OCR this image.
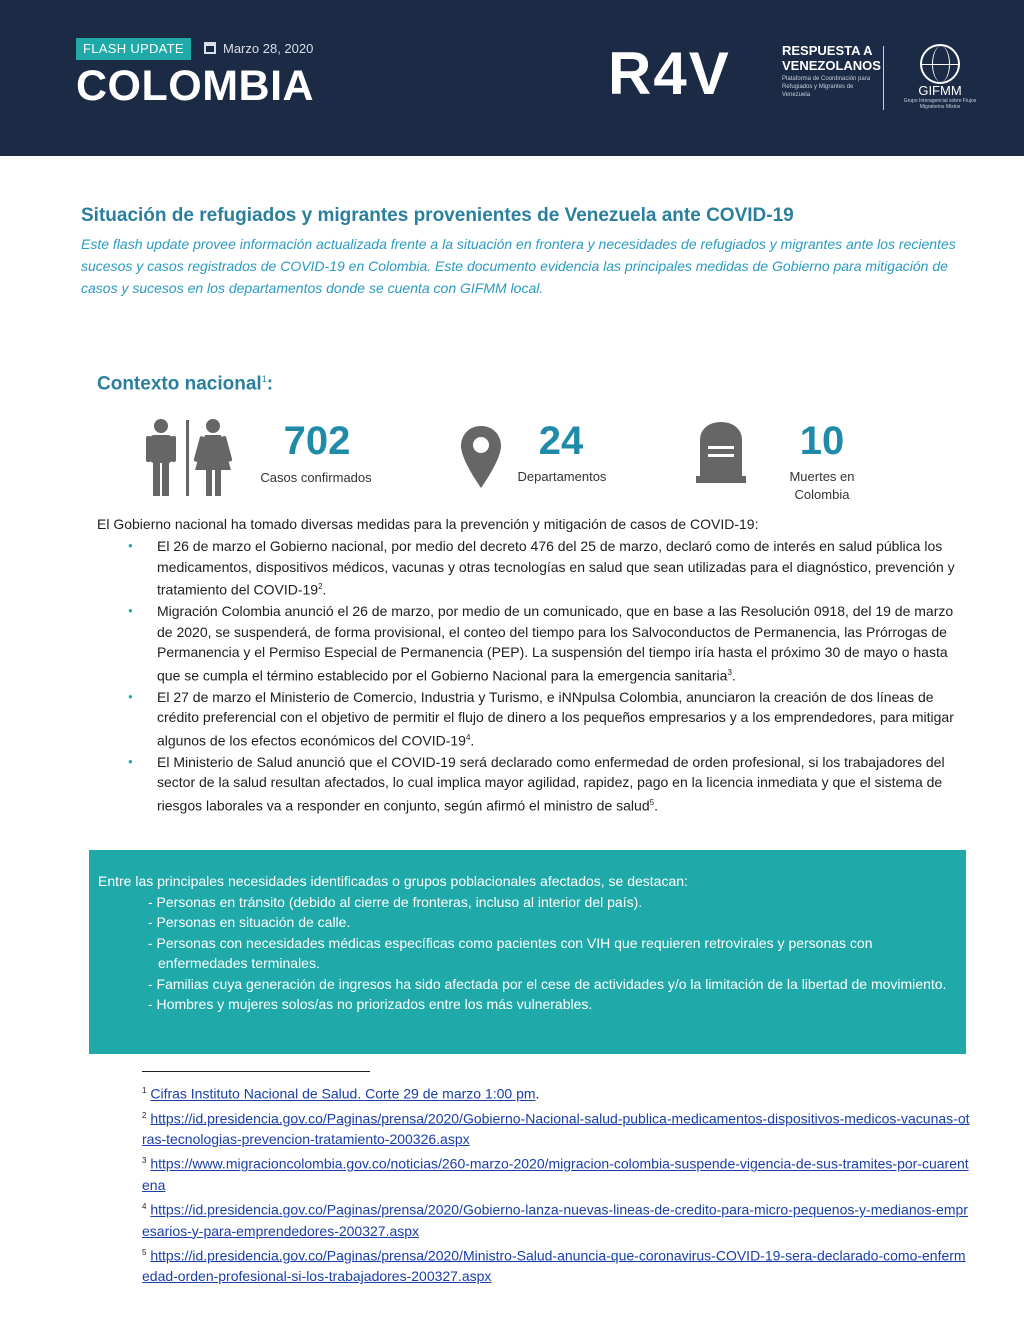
FLASH UPDATE	Marzo 28, 2020
COLOMBIA	R4V	RESPUESTA A
VENEZOLANOS
Plataforma de Coordinación para Refugiados y Migrantes de Venezuela	GIFMM
Grupo Interagencial sobre Flujos Migratorios Mixtos
Situación de refugiados y migrantes provenientes de Venezuela ante COVID-19
Este flash update provee información actualizada frente a la situación en frontera y necesidades de refugiados y migrantes ante los recientes sucesos y casos registrados de COVID-19 en Colombia. Este documento evidencia las principales medidas de Gobierno para mitigación de casos y sucesos en los departamentos donde se cuenta con GIFMM local.
Contexto nacional$^1$:
702
Casos confirmados
24
Departamentos
10
Muertes en Colombia
El Gobierno nacional ha tomado diversas medidas para la prevención y mitigación de casos de COVID-19:
● El 26 de marzo el Gobierno nacional, por medio del decreto 476 del 25 de marzo, declaró como de interés en salud pública los medicamentos, dispositivos médicos, vacunas y otras tecnologías en salud que sean utilizadas para el diagnóstico, prevención y tratamiento del COVID-$19^2$.
● Migración Colombia anunció el 26 de marzo, por medio de un comunicado, que en base a las Resolución 0918, del 19 de marzo de 2020, se suspenderá, de forma provisional, el conteo del tiempo para los Salvoconductos de Permanencia, las Prórrogas de Permanencia y el Permiso Especial de Permanencia (PEP). La suspensión del tiempo iría hasta el próximo 30 de mayo o hasta que se cumpla el término establecido por el Gobierno Nacional para la emergencia sanitaria$^3$.
● El 27 de marzo el Ministerio de Comercio, Industria y Turismo, e iNNpulsa Colombia, anunciaron la creación de dos líneas de crédito preferencial con el objetivo de permitir el flujo de dinero a los pequeños empresarios y a los emprendedores, para mitigar algunos de los efectos económicos del COVID-$19^4$.
● El Ministerio de Salud anunció que el COVID-19 será declarado como enfermedad de orden profesional, si los trabajadores del sector de la salud resultan afectados, lo cual implica mayor agilidad, rapidez, pago en la licencia inmediata y que el sistema de riesgos laborales va a responder en conjunto, según afirmó el ministro de salud$^5$.
Entre las principales necesidades identificadas o grupos poblacionales afectados, se destacan:
- Personas en tránsito (debido al cierre de fronteras, incluso al interior del país).
- Personas en situación de calle.
- Personas con necesidades médicas específicas como pacientes con VIH que requieren retrovirales y personas con enfermedades terminales.
- Familias cuya generación de ingresos ha sido afectada por el cese de actividades y/o la limitación de la libertad de movimiento.
- Hombres y mujeres solos/as no priorizados entre los más vulnerables.
$^1$ Cifras Instituto Nacional de Salud. Corte 29 de marzo 1:00 pm.
$^2$ https://id.presidencia.gov.co/Paginas/prensa/2020/Gobierno-Nacional-salud-publica-medicamentos-dispositivos-medicos-vacunas-otras-tecnologias-prevencion-tratamiento-200326.aspx
$^3$ https://www.migracioncolombia.gov.co/noticias/260-marzo-2020/migracion-colombia-suspende-vigencia-de-sus-tramites-por-cuarentena
$^4$ https://id.presidencia.gov.co/Paginas/prensa/2020/Gobierno-lanza-nuevas-lineas-de-credito-para-micro-pequenos-y-medianos-empresarios-y-para-emprendedores-200327.aspx
$^5$ https://id.presidencia.gov.co/Paginas/prensa/2020/Ministro-Salud-anuncia-que-coronavirus-COVID-19-sera-declarado-como-enfermedad-orden-profesional-si-los-trabajadores-200327.aspx
